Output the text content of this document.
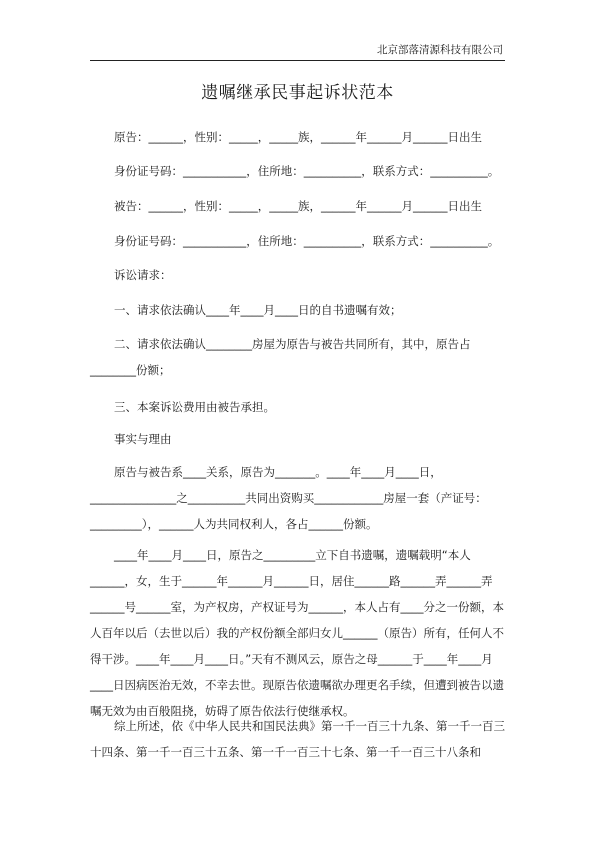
北京部落清源科技有限公司
遗嘱继承民事起诉状范本
原告：______，性别：_____，_____族，______年______月______日出生
身份证号码：___________，住所地：__________，联系方式：__________。
被告：______，性别：_____，_____族，______年______月______日出生
身份证号码：___________，住所地：__________，联系方式：__________。
诉讼请求：
一、请求依法确认____年____月____日的自书遗嘱有效；
二、请求依法确认________房屋为原告与被告共同所有，其中，原告占________份额；
三、本案诉讼费用由被告承担。
事实与理由
原告与被告系____关系，原告为_______。____年____月____日，_______________之__________共同出资购买____________房屋一套（产证号：_________），______人为共同权利人，各占______份额。
____年____月____日，原告之_________立下自书遗嘱，遗嘱载明“本人______，女，生于______年______月______日，居住______路______弄______弄______号______室，为产权房，产权证号为______，本人占有____分之一份额，本人百年以后（去世以后）我的产权份额全部归女儿______（原告）所有，任何人不得干涉。____年____月____日。”天有不测风云，原告之母______于____年____月____日因病医治无效，不幸去世。现原告依遗嘱欲办理更名手续，但遭到被告以遗嘱无效为由百般阻挠，妨碍了原告依法行使继承权。
综上所述，依《中华人民共和国民法典》第一千一百三十九条、第一千一百三十四条、第一千一百三十五条、第一千一百三十七条、第一千一百三十八条和
